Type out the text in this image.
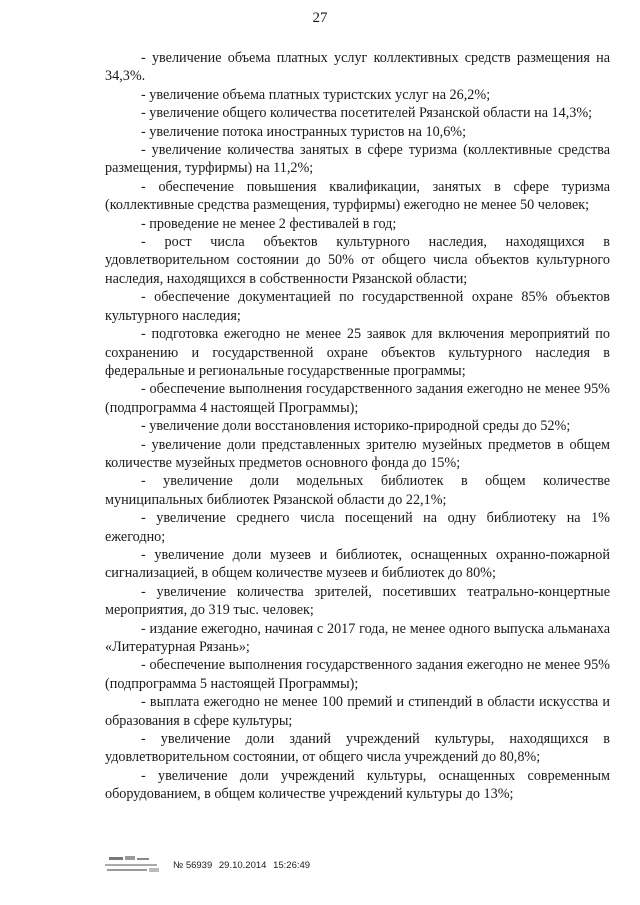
27

- увеличение объема платных услуг коллективных средств размещения на 34,3%.

- увеличение объема платных туристских услуг на 26,2%;

- увеличение общего количества посетителей Рязанской области на 14,3%;

- увеличение потока иностранных туристов на 10,6%;

- увеличение количества занятых в сфере туризма (коллективные средства размещения, турфирмы) на 11,2%;

- обеспечение повышения квалификации, занятых в сфере туризма (коллективные средства размещения, турфирмы) ежегодно не менее 50 человек;

- проведение не менее 2 фестивалей в год;

- рост числа объектов культурного наследия, находящихся в удовлетворительном состоянии до 50% от общего числа объектов культурного наследия, находящихся в собственности Рязанской области;

- обеспечение документацией по государственной охране 85% объектов культурного наследия;

- подготовка ежегодно не менее 25 заявок для включения мероприятий по сохранению и государственной охране объектов культурного наследия в федеральные и региональные государственные программы;

- обеспечение выполнения государственного задания ежегодно не менее 95% (подпрограмма 4 настоящей Программы);

- увеличение доли восстановления историко-природной среды до 52%;

- увеличение доли представленных зрителю музейных предметов в общем количестве музейных предметов основного фонда до 15%;

- увеличение доли модельных библиотек в общем количестве муниципальных библиотек Рязанской области до 22,1%;

- увеличение среднего числа посещений на одну библиотеку на 1% ежегодно;

- увеличение доли музеев и библиотек, оснащенных охранно-пожарной сигнализацией, в общем количестве музеев и библиотек до 80%;

- увеличение количества зрителей, посетивших театрально-концертные мероприятия, до 319 тыс. человек;

- издание ежегодно, начиная с 2017 года, не менее одного выпуска альманаха «Литературная Рязань»;

- обеспечение выполнения государственного задания ежегодно не менее 95% (подпрограмма 5 настоящей Программы);

- выплата ежегодно не менее 100 премий и стипендий в области искусства и образования в сфере культуры;

- увеличение доли зданий учреждений культуры, находящихся в удовлетворительном состоянии, от общего числа учреждений до 80,8%;

- увеличение доли учреждений культуры, оснащенных современным оборудованием, в общем количестве учреждений культуры до 13%;

№ 56939 29.10.2014 15:26:49
